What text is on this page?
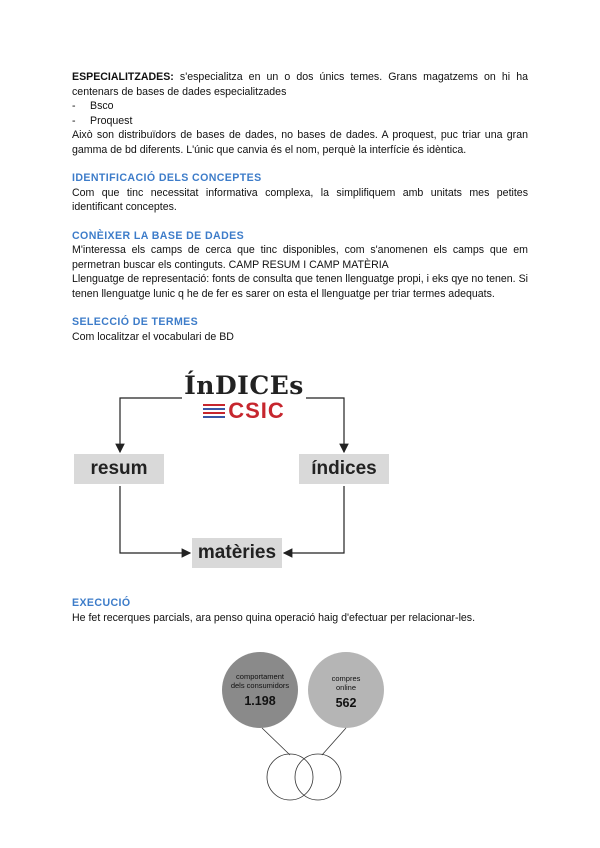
ESPECIALITZADES: s'especialitza en un o dos únics temes. Grans magatzems on hi ha centenars de bases de dades especialitzades

- Bsco
- Proquest

Això son distribuïdors de bases de dades, no bases de dades. A proquest, puc triar una gran gamma de bd diferents. L'únic que canvia és el nom, perquè la interfície és idèntica.

IDENTIFICACIÓ DELS CONCEPTES

Com que tinc necessitat informativa complexa, la simplifiquem amb unitats mes petites identificant conceptes.

CONÈIXER LA BASE DE DADES

M'interessa els camps de cerca que tinc disponibles, com s'anomenen els camps que em permetran buscar els continguts. CAMP RESUM I CAMP MATÈRIA

Llenguatge de representació: fonts de consulta que tenen llenguatge propi, i eks qye no tenen. Si tenen llenguatge lunic q he de fer es sarer on esta el llenguatge per triar termes adequats.

SELECCIÓ DE TERMES

Com localitzar el vocabulari de BD

ÍnDICEs
CSIC
resum	índices
matèries
EXECUCIÓ

He fet recerques parcials, ara penso quina operació haig d'efectuar per relacionar-les.

comportament
dels consumidors
1.198
compres
online
562
